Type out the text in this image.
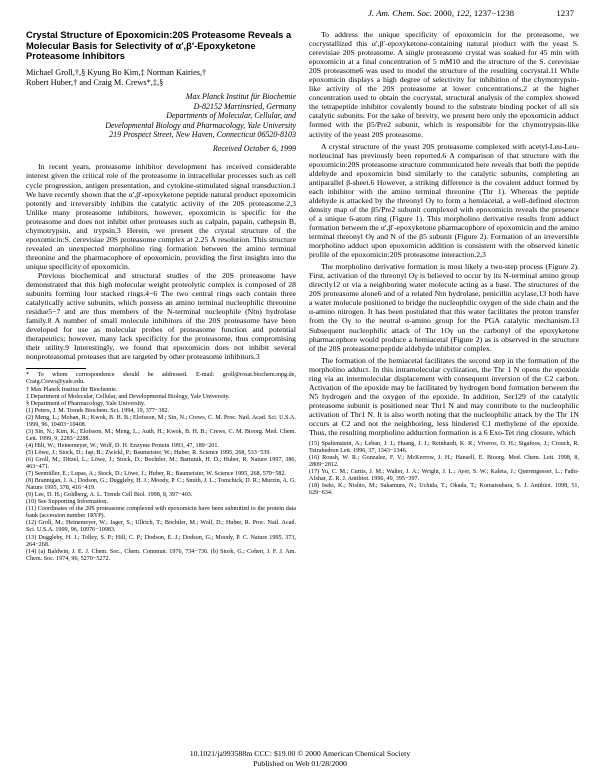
J. Am. Chem. Soc. 2000, 122, 1237−1238	1237
Crystal Structure of Epoxomicin:20S Proteasome Reveals a Molecular Basis for Selectivity of α′,β′-Epoxyketone Proteasome Inhibitors
Michael Groll,†,§ Kyung Bo Kim,‡ Norman Kairies,†
Robert Huber,† and Craig M. Crews*,‡,§
Max Planck Institut für Biochemie
D-82152 Martinsried, Germany
Departments of Molecular, Cellular, and
Developmental Biology and Pharmacology, Yale University
219 Prospect Street, New Haven, Connecticut 06520-8103
Received October 6, 1999

In recent years, proteasome inhibitor development has received considerable interest given the critical role of the proteasome in intracellular processes such as cell cycle progression, antigen presentation, and cytokine-stimulated signal transduction.1 We have recently shown that the α′,β′-epoxyketone peptide natural product epoxomicin potently and irreversibly inhibits the catalytic activity of the 20S proteasome.2,3 Unlike many proteasome inhibitors, however, epoxomicin is specific for the proteasome and does not inhibit other proteases such as calpain, papain, cathepsin B, chymotrypsin, and trypsin.3 Herein, we present the crystal structure of the epoxomicin:S. cerevisiae 20S proteasome complex at 2.25 Å resolution. This structure revealed an unexpected morpholino ring formation between the amino terminal threonine and the pharmacophore of epoxomicin, providing the first insights into the unique specificity of epoxomicin.

Previous biochemical and structural studies of the 20S proteasome have demonstrated that this high molecular weight proteolytic complex is composed of 28 subunits forming four stacked rings.4−6 The two central rings each contain three catalytically active subunits, which possess an amino terminal nucleophilic threonine residue5−7 and are thus members of the N-terminal nucleophile (Ntn) hydrolase family.8 A number of small molecule inhibitors of the 20S proteasome have been developed for use as molecular probes of proteasome function and potential therapeutics; however, many lack specificity for the proteasome, thus compromising their utility.9 Interestingly, we found that epoxomicin does not inhibit several nonproteasomal proteases that are targeted by other proteasome inhibitors.3

* To whom correspondence should be addressed. E-mail: groll@rosat.biochem.mpg.de, Craig.Crews@yale.edu.
† Max Planck Institut für Biochemie.
‡ Department of Molecular, Cellular, and Developmental Biology, Yale University.
§ Department of Pharmacology, Yale University.
(1) Peters, J. M. Trends Biochem. Sci. 1994, 19, 377−382.
(2) Meng, L.; Mohan, R.; Kwok, B. H. B.; Elofsson, M.; Sin, N.; Crews, C. M. Proc. Natl. Acad. Sci. U.S.A. 1999, 96, 10403−10408.
(3) Sin, N.; Kim, K.; Elofsson, M.; Meng, L.; Auth, H.; Kwok, B. H. B.; Crews, C. M. Bioorg. Med. Chem. Lett. 1999, 9, 2283−2288.
(4) Hilt, W.; Heinemeyer, W.; Wolf, D. H. Enzyme Protein 1993, 47, 189−201.
(5) Löwe, J.; Stock, D.; Jap, B.; Zwickl, P.; Baumeister, W.; Huber, R. Science 1995, 268, 533−539.
(6) Groll, M.; Ditzel, L.; Löwe, J.; Stock, D.; Bochtler, M.; Bartunik, H. D.; Huber, R. Nature 1997, 386, 463−471.
(7) Seemüller, E.; Lupas, A.; Stock, D.; Löwe, J.; Huber, R.; Baumeister, W. Science 1995, 268, 579−582.
(8) Brannigan, J. A.; Dodson, G.; Duggleby, H. J.; Moody, P. C.; Smith, J. L.; Tomchick, D. R.; Murzin, A. G. Nature 1995, 378, 416−419.
(9) Lee, D. H.; Goldberg, A. L. Trends Cell Biol. 1998, 8, 397−403.
(10) See Supporting Information.
(11) Coordinates of the 20S proteasome complexed with epoxomicin have been submitted to the protein data bank (accession number 1RYP).
(12) Groll, M.; Heinemeyer, W.; Jager, S.; Ullrich, T.; Bochtler, M.; Wolf, D.; Huber, R. Proc. Natl. Acad. Sci. U.S.A. 1999, 96, 10976−10983.
(13) Duggleby, H. J.; Tolley, S. P.; Hill, C. P.; Dodson, E. J.; Dodson, G.; Moody, P. C. Nature 1995, 373, 264−268.
(14) (a) Baldwin, J. E. J. Chem. Soc., Chem. Commun. 1976, 734−736. (b) Stork, G.; Cohen, J. F. J. Am. Chem. Soc. 1974, 96, 5270−5272.

To address the unique specificity of epoxomicin for the proteasome, we cocrystallized this α′,β′-epoxyketone-containing natural product with the yeast S. cerevisiae 20S proteasome. A single proteasome crystal was soaked for 45 min with epoxomicin at a final concentration of 5 mM10 and the structure of the S. cerevisiae 20S proteasome6 was used to model the structure of the resulting cocrystal.11 While epoxomicin displays a high degree of selectivity for inhibition of the chymotrypsin-like activity of the 20S proteasome at lower concentrations,2 at the higher concentration used to obtain the cocrystal, structural analysis of the complex showed the tetrapeptide inhibitor covalently bound to the substrate binding pocket of all six catalytic subunits. For the sake of brevity, we present here only the epoxomicin adduct formed with the β5/Pre2 subunit, which is responsible for the chymotrypsin-like activity of the yeast 20S proteasome.

A crystal structure of the yeast 20S proteasome complexed with acetyl-Leu-Leu-norleucinal has previously been reported.6 A comparison of that structure with the epoxomicin:20S proteasome structure communicated here reveals that both the peptide aldehyde and epoxomicin bind similarly to the catalytic subunits, completing an antiparallel β-sheet.6 However, a striking difference is the covalent adduct formed by each inhibitor with the amino terminal threonine (Thr 1). Whereas the peptide aldehyde is attacked by the threonyl Oγ to form a hemiacetal, a well-defined electron density map of the β5/Pre2 subunit complexed with epoxomicin reveals the presence of a unique 6-atom ring (Figure 1). This morpholino derivative results from adduct formation between the α′,β′-epoxyketone pharmacophore of epoxomicin and the amino terminal threonyl Oγ and N of the β5 subunit (Figure 2). Formation of an irreversible morpholino adduct upon epoxomicin addition is consistent with the observed kinetic profile of the epoxomicin:20S proteasome interaction.2,3

The morpholino derivative formation is most likely a two-step process (Figure 2). First, activation of the threonyl Oγ is believed to occur by its N-terminal amino group directly12 or via a neighboring water molecule acting as a base. The structures of the 20S proteasome alone6 and of a related Ntn hydrolase, penicillin acylase,13 both have a water molecule positioned to bridge the nucleophilic oxygen of the side chain and the α-amino nitrogen. It has been postulated that this water facilitates the proton transfer from the Oγ to the neutral α-amino group for the PGA catalytic mechanism.13 Subsequent nucleophilic attack of Thr 1Oγ on the carbonyl of the epoxyketone pharmacophore would produce a hemiacetal (Figure 2) as is observed in the structure of the 20S proteasome:peptide aldehyde inhibitor complex.

The formation of the hemiacetal facilitates the second step in the formation of the morpholino adduct. In this intramolecular cyclization, the Thr 1 N opens the epoxide ring via an intermolecular displacement with consequent inversion of the C2 carbon. Activation of the epoxide may be facilitated by hydrogen bond formation between the N5 hydrogen and the oxygen of the epoxide. In addition, Ser129 of the catalytic proteasome subunit is positioned near Thr1 N and may contribute to the nucleophilic activation of Thr1 N. It is also worth noting that the nucleophilic attack by the Thr 1N occurs at C2 and not the neighboring, less hindered C1 methylene of the epoxide. Thus, the resulting morpholino adduction formation is a 6 Exo-Tet ring closure, which

(15) Spaltenstein, A.; Leban, J. J.; Huang, J. J.; Reinhardt, K. R.; Viveros, O. H.; Sigafoos, J.; Crouch, R. Tetrahedron Lett. 1996, 37, 1343−1346.
(16) Roush, W. R.; Gonzalez, F. V.; McKerrow, J. H.; Hansell, E. Bioorg. Med. Chem. Lett. 1998, 8, 2809−2812.
(17) Yu, C. M.; Curtis, J. M.; Walter, J. A.; Wright, J. L.; Ayer, S. W.; Kaleta, J.; Querengesser, L.; Fathi-Afshar, Z. R. J. Antibiot. 1996, 49, 395−397.
(18) Iseki, K.; Nishio, M.; Sakamura, N.; Uchida, T.; Okada, T.; Komatsubara, S. J. Antibiot. 1998, 51, 629−634.
10.1021/ja993588m CCC: $19.00 © 2000 American Chemical Society
Published on Web 01/28/2000
